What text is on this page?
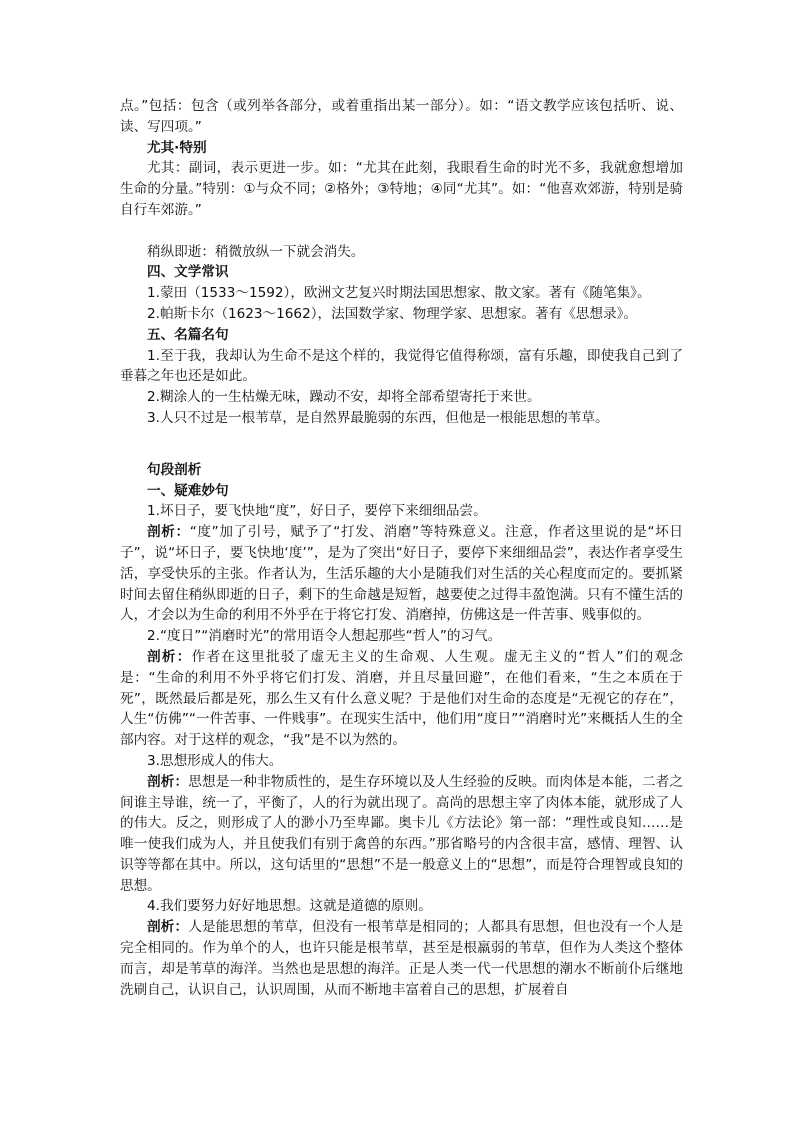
点。”包括：包含（或列举各部分，或着重指出某一部分）。如：“语文教学应该包括听、说、读、写四项。”

尤其·特别

尤其：副词，表示更进一步。如：“尤其在此刻，我眼看生命的时光不多，我就愈想增加生命的分量。”特别：①与众不同；②格外；③特地；④同“尤其”。如：“他喜欢郊游，特别是骑自行车郊游。”

稍纵即逝：稍微放纵一下就会消失。

四、文学常识

1.蒙田（1533～1592），欧洲文艺复兴时期法国思想家、散文家。著有《随笔集》。

2.帕斯卡尔（1623～1662），法国数学家、物理学家、思想家。著有《思想录》。

五、名篇名句

1.至于我，我却认为生命不是这个样的，我觉得它值得称颂，富有乐趣，即使我自己到了垂暮之年也还是如此。

2.糊涂人的一生枯燥无味，躁动不安，却将全部希望寄托于来世。

3.人只不过是一根苇草，是自然界最脆弱的东西，但他是一根能思想的苇草。

句段剖析

一、疑难妙句

1.坏日子，要飞快地“度”，好日子，要停下来细细品尝。

剖析：“度”加了引号，赋予了“打发、消磨”等特殊意义。注意，作者这里说的是“坏日子”，说“坏日子，要飞快地‘度’”，是为了突出“好日子，要停下来细细品尝”，表达作者享受生活，享受快乐的主张。作者认为，生活乐趣的大小是随我们对生活的关心程度而定的。要抓紧时间去留住稍纵即逝的日子，剩下的生命越是短暂，越要使之过得丰盈饱满。只有不懂生活的人，才会以为生命的利用不外乎在于将它打发、消磨掉，仿佛这是一件苦事、贱事似的。

2.“度日”“消磨时光”的常用语令人想起那些“哲人”的习气。

剖析：作者在这里批驳了虚无主义的生命观、人生观。虚无主义的“哲人”们的观念是：“生命的利用不外乎将它们打发、消磨，并且尽量回避”，在他们看来，“生之本质在于死”，既然最后都是死，那么生又有什么意义呢？于是他们对生命的态度是“无视它的存在”，人生“仿佛”“一件苦事、一件贱事”。在现实生活中，他们用“度日”“消磨时光”来概括人生的全部内容。对于这样的观念，“我”是不以为然的。

3.思想形成人的伟大。

剖析：思想是一种非物质性的，是生存环境以及人生经验的反映。而肉体是本能，二者之间谁主导谁，统一了，平衡了，人的行为就出现了。高尚的思想主宰了肉体本能，就形成了人的伟大。反之，则形成了人的渺小乃至卑鄙。奥卡儿《方法论》第一部：“理性或良知……是唯一使我们成为人，并且使我们有别于禽兽的东西。”那省略号的内含很丰富，感情、理智、认识等等都在其中。所以，这句话里的“思想”不是一般意义上的“思想”，而是符合理智或良知的思想。

4.我们要努力好好地思想。这就是道德的原则。

剖析：人是能思想的苇草，但没有一根苇草是相同的；人都具有思想，但也没有一个人是完全相同的。作为单个的人，也许只能是根苇草，甚至是根羸弱的苇草，但作为人类这个整体而言，却是苇草的海洋。当然也是思想的海洋。正是人类一代一代思想的潮水不断前仆后继地洗刷自己，认识自己，认识周围，从而不断地丰富着自己的思想，扩展着自
